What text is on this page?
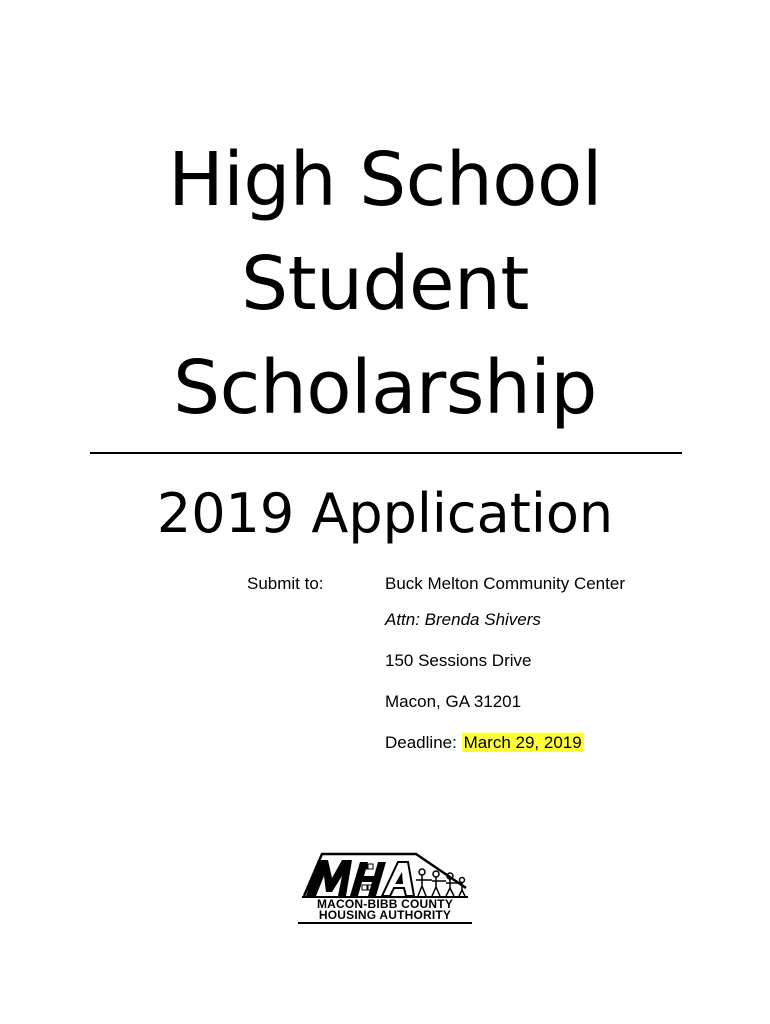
High School
Student
Scholarship
2019 Application
Submit to:	Buck Melton Community Center
Attn: Brenda Shivers
150 Sessions Drive
Macon, GA 31201
Deadline: March 29, 2019
MACON-BIBB COUNTY
HOUSING AUTHORITY
